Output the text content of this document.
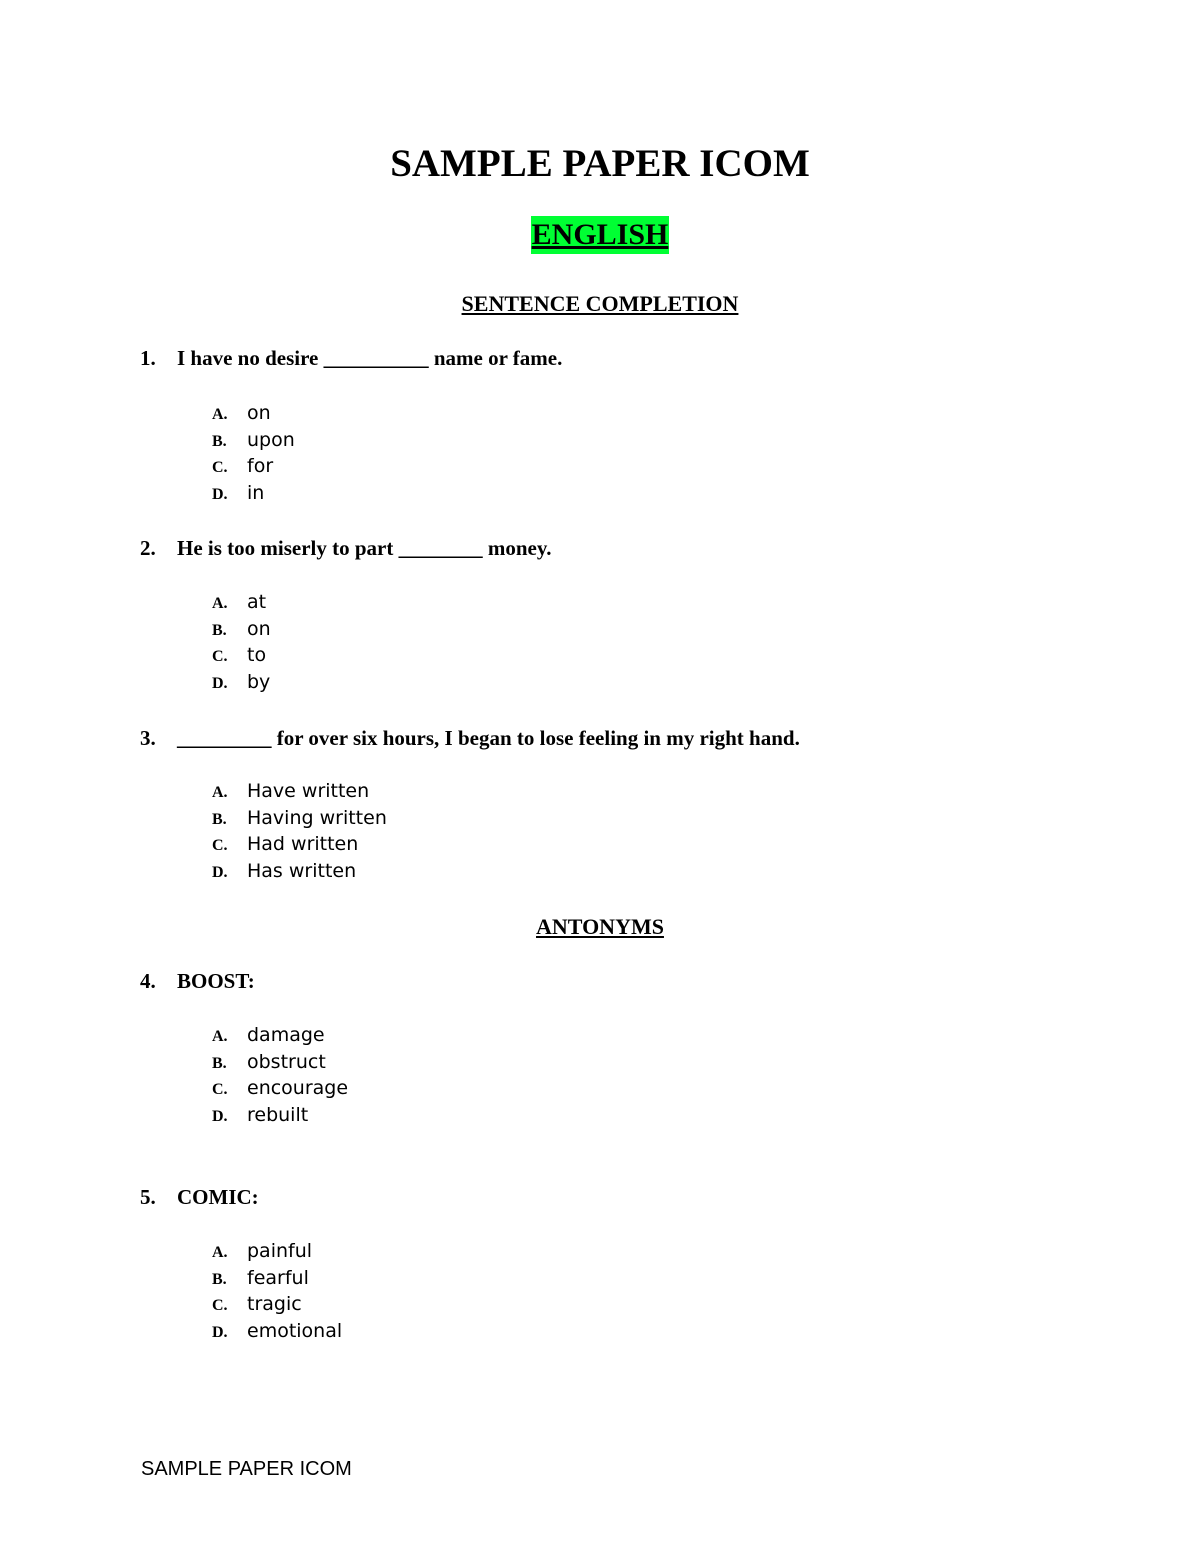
SAMPLE PAPER ICOM
ENGLISH
SENTENCE COMPLETION
1. I have no desire __________ name or fame.
A. on
B. upon
C. for
D. in
2. He is too miserly to part ________ money.
A. at
B. on
C. to
D. by
3. _________ for over six hours, I began to lose feeling in my right hand.
A. Have written
B. Having written
C. Had written
D. Has written
ANTONYMS
4. BOOST:
A. damage
B. obstruct
C. encourage
D. rebuilt
5. COMIC:
A. painful
B. fearful
C. tragic
D. emotional
SAMPLE PAPER ICOM
